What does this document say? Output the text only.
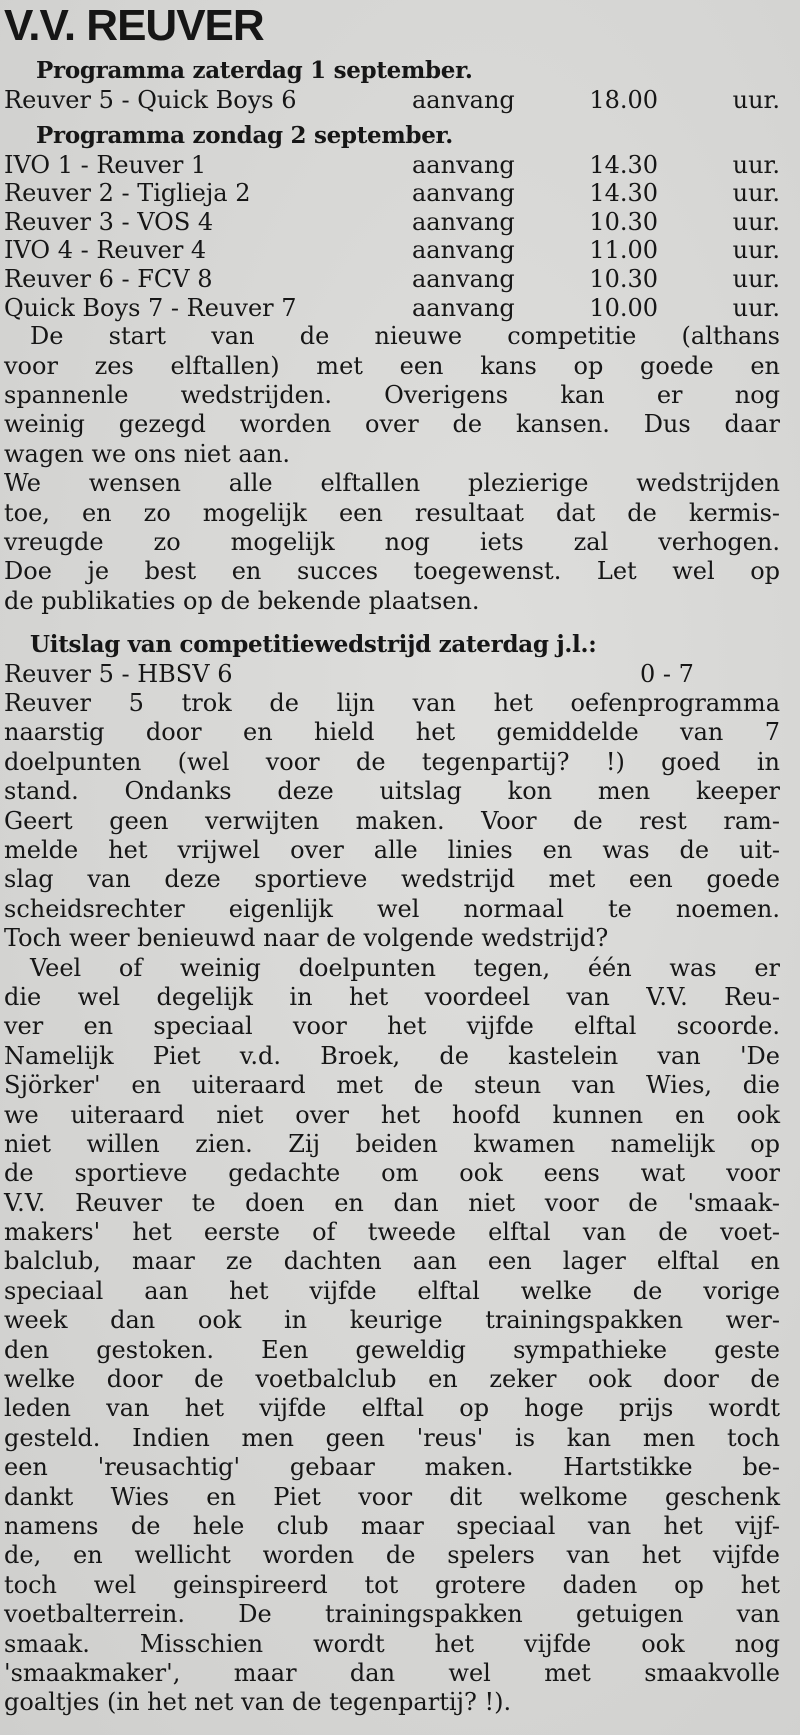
V.V. REUVER
Programma zaterdag 1 september.
Reuver 5 - Quick Boys 6	aanvang 18.00 uur.
Programma zondag 2 september.
IVO 1 - Reuver 1	aanvang 14.30 uur.
Reuver 2 - Tiglieja 2	aanvang 14.30 uur.
Reuver 3 - VOS 4	aanvang 10.30 uur.
IVO 4 - Reuver 4	aanvang 11.00 uur.
Reuver 6 - FCV 8	aanvang 10.30 uur.
Quick Boys 7 - Reuver 7	aanvang 10.00 uur.
De start van de nieuwe competitie (althans
voor zes elftallen) met een kans op goede en
spannenle wedstrijden. Overigens kan er nog
weinig gezegd worden over de kansen. Dus daar
wagen we ons niet aan.
We wensen alle elftallen plezierige wedstrijden
toe, en zo mogelijk een resultaat dat de kermis-
vreugde zo mogelijk nog iets zal verhogen.
Doe je best en succes toegewenst. Let wel op
de publikaties op de bekende plaatsen.
Uitslag van competitiewedstrijd zaterdag j.l.:
Reuver 5 - HBSV 6	0 - 7
Reuver 5 trok de lijn van het oefenprogramma
naarstig door en hield het gemiddelde van 7
doelpunten (wel voor de tegenpartij? !) goed in
stand. Ondanks deze uitslag kon men keeper
Geert geen verwijten maken. Voor de rest ram-
melde het vrijwel over alle linies en was de uit-
slag van deze sportieve wedstrijd met een goede
scheidsrechter eigenlijk wel normaal te noemen.
Toch weer benieuwd naar de volgende wedstrijd?
Veel of weinig doelpunten tegen, één was er
die wel degelijk in het voordeel van V.V. Reu-
ver en speciaal voor het vijfde elftal scoorde.
Namelijk Piet v.d. Broek, de kastelein van 'De
Sjörker' en uiteraard met de steun van Wies, die
we uiteraard niet over het hoofd kunnen en ook
niet willen zien. Zij beiden kwamen namelijk op
de sportieve gedachte om ook eens wat voor
V.V. Reuver te doen en dan niet voor de 'smaak-
makers' het eerste of tweede elftal van de voet-
balclub, maar ze dachten aan een lager elftal en
speciaal aan het vijfde elftal welke de vorige
week dan ook in keurige trainingspakken wer-
den gestoken. Een geweldig sympathieke geste
welke door de voetbalclub en zeker ook door de
leden van het vijfde elftal op hoge prijs wordt
gesteld. Indien men geen 'reus' is kan men toch
een 'reusachtig' gebaar maken. Hartstikke be-
dankt Wies en Piet voor dit welkome geschenk
namens de hele club maar speciaal van het vijf-
de, en wellicht worden de spelers van het vijfde
toch wel geinspireerd tot grotere daden op het
voetbalterrein. De trainingspakken getuigen van
smaak. Misschien wordt het vijfde ook nog
'smaakmaker', maar dan wel met smaakvolle
goaltjes (in het net van de tegenpartij? !).
